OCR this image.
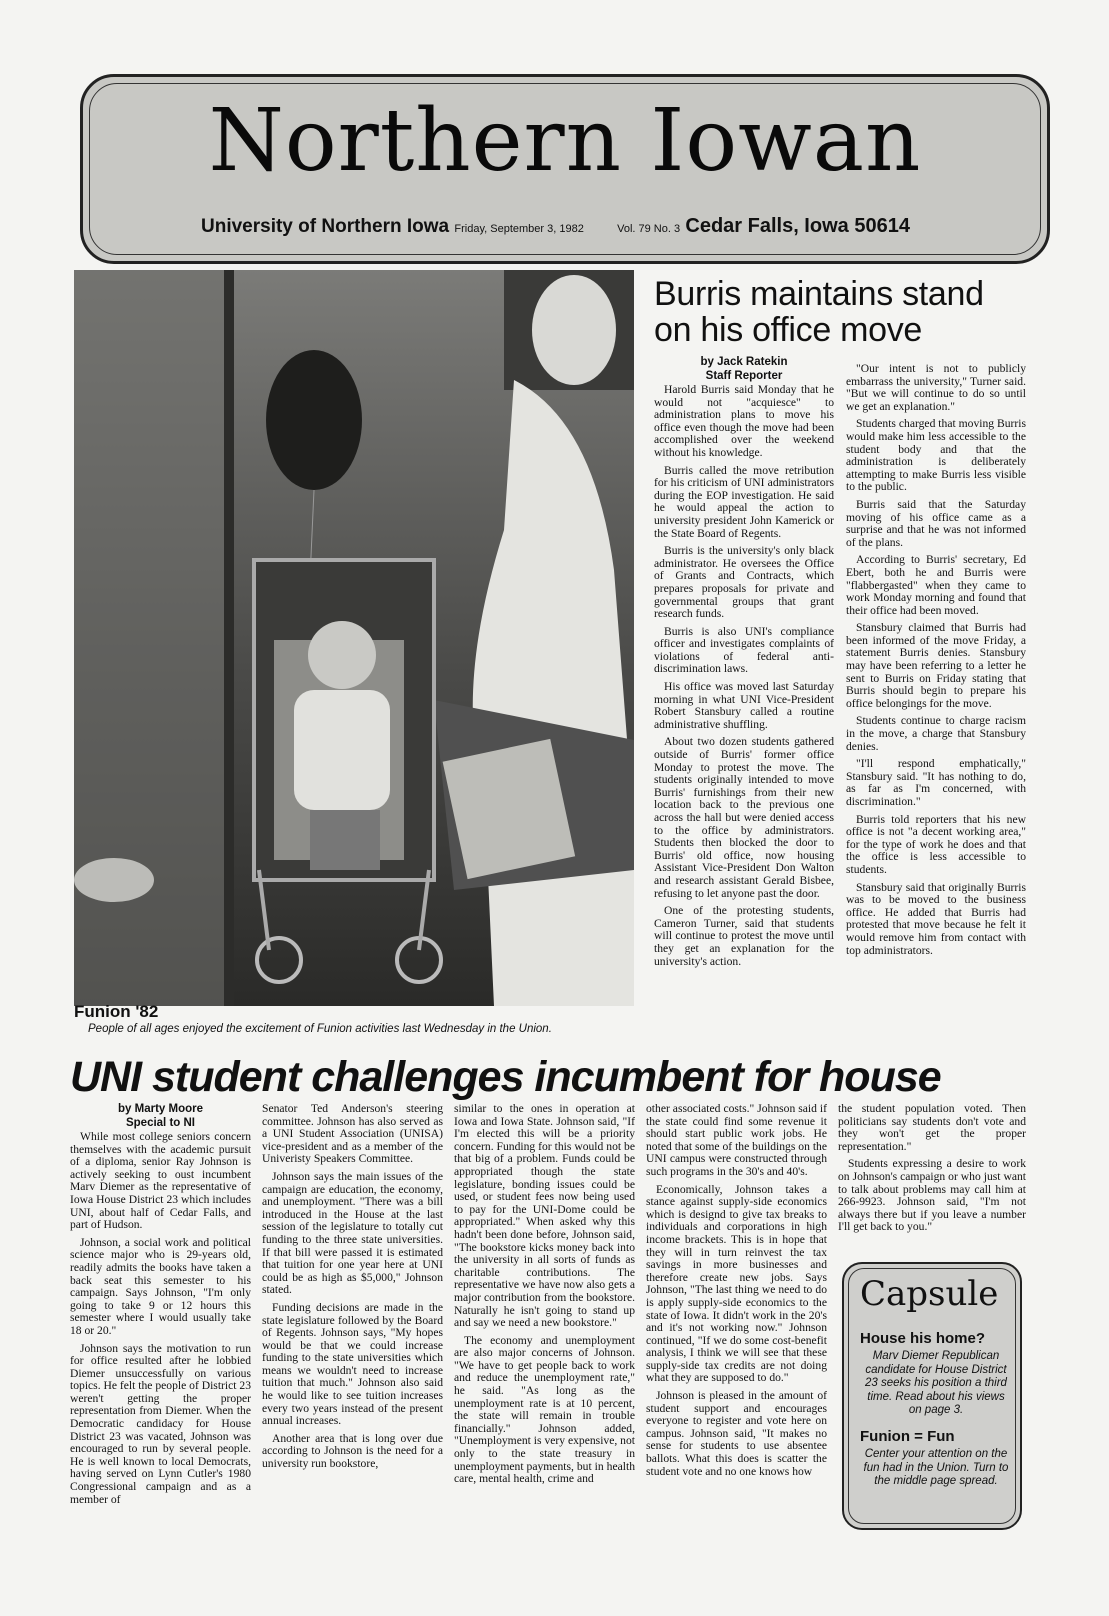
Northern Iowan
University of Northern Iowa Friday, September 3, 1982	Vol. 79 No. 3 Cedar Falls, Iowa 50614
Funion '82
People of all ages enjoyed the excitement of Funion activities last Wednesday in the Union.
Burris maintains stand
on his office move
by Jack Ratekin
Staff Reporter

Harold Burris said Monday that he would not "acquiesce" to administration plans to move his office even though the move had been accomplished over the weekend without his knowledge.

Burris called the move retribution for his criticism of UNI administrators during the EOP investigation. He said he would appeal the action to university president John Kamerick or the State Board of Regents.

Burris is the university's only black administrator. He oversees the Office of Grants and Contracts, which prepares proposals for private and governmental groups that grant research funds.

Burris is also UNI's compliance officer and investigates complaints of violations of federal anti-discrimination laws.

His office was moved last Saturday morning in what UNI Vice-President Robert Stansbury called a routine administrative shuffling.

About two dozen students gathered outside of Burris' former office Monday to protest the move. The students originally intended to move Burris' furnishings from their new location back to the previous one across the hall but were denied access to the office by administrators. Students then blocked the door to Burris' old office, now housing Assistant Vice-President Don Walton and research assistant Gerald Bisbee, refusing to let anyone past the door.

One of the protesting students, Cameron Turner, said that students will continue to protest the move until they get an explanation for the university's action.

"Our intent is not to publicly embarrass the university," Turner said. "But we will continue to do so until we get an explanation."

Students charged that moving Burris would make him less accessible to the student body and that the administration is deliberately attempting to make Burris less visible to the public.

Burris said that the Saturday moving of his office came as a surprise and that he was not informed of the plans.

According to Burris' secretary, Ed Ebert, both he and Burris were "flabbergasted" when they came to work Monday morning and found that their office had been moved.

Stansbury claimed that Burris had been informed of the move Friday, a statement Burris denies. Stansbury may have been referring to a letter he sent to Burris on Friday stating that Burris should begin to prepare his office belongings for the move.

Students continue to charge racism in the move, a charge that Stansbury denies.

"I'll respond emphatically," Stansbury said. "It has nothing to do, as far as I'm concerned, with discrimination."

Burris told reporters that his new office is not "a decent working area," for the type of work he does and that the office is less accessible to students.

Stansbury said that originally Burris was to be moved to the business office. He added that Burris had protested that move because he felt it would remove him from contact with top administrators.

UNI student challenges incumbent for house
by Marty Moore
Special to NI

While most college seniors concern themselves with the academic pursuit of a diploma, senior Ray Johnson is actively seeking to oust incumbent Marv Diemer as the representative of Iowa House District 23 which includes UNI, about half of Cedar Falls, and part of Hudson.

Johnson, a social work and political science major who is 29-years old, readily admits the books have taken a back seat this semester to his campaign. Says Johnson, "I'm only going to take 9 or 12 hours this semester where I would usually take 18 or 20."

Johnson says the motivation to run for office resulted after he lobbied Diemer unsuccessfully on various topics. He felt the people of District 23 weren't getting the proper representation from Diemer. When the Democratic candidacy for House District 23 was vacated, Johnson was encouraged to run by several people. He is well known to local Democrats, having served on Lynn Cutler's 1980 Congressional campaign and as a member of

Senator Ted Anderson's steering committee. Johnson has also served as a UNI Student Association (UNISA) vice-president and as a member of the Univeristy Speakers Committee.

Johnson says the main issues of the campaign are education, the economy, and unemployment. "There was a bill introduced in the House at the last session of the legislature to totally cut funding to the three state universities. If that bill were passed it is estimated that tuition for one year here at UNI could be as high as $5,000," Johnson stated.

Funding decisions are made in the state legislature followed by the Board of Regents. Johnson says, "My hopes would be that we could increase funding to the state universities which means we wouldn't need to increase tuition that much." Johnson also said he would like to see tuition increases every two years instead of the present annual increases.

Another area that is long over due according to Johnson is the need for a university run bookstore,

similar to the ones in operation at Iowa and Iowa State. Johnson said, "If I'm elected this will be a priority concern. Funding for this would not be that big of a problem. Funds could be appropriated though the state legislature, bonding issues could be used, or student fees now being used to pay for the UNI-Dome could be appropriated." When asked why this hadn't been done before, Johnson said, "The bookstore kicks money back into the university in all sorts of funds as charitable contributions. The representative we have now also gets a major contribution from the bookstore. Naturally he isn't going to stand up and say we need a new bookstore."

The economy and unemployment are also major concerns of Johnson. "We have to get people back to work and reduce the unemployment rate," he said. "As long as the unemployment rate is at 10 percent, the state will remain in trouble financially." Johnson added, "Unemployment is very expensive, not only to the state treasury in unemployment payments, but in health care, mental health, crime and

other associated costs." Johnson said if the state could find some revenue it should start public work jobs. He noted that some of the buildings on the UNI campus were constructed through such programs in the 30's and 40's.

Economically, Johnson takes a stance against supply-side economics which is designd to give tax breaks to individuals and corporations in high income brackets. This is in hope that they will in turn reinvest the tax savings in more businesses and therefore create new jobs. Says Johnson, "The last thing we need to do is apply supply-side economics to the state of Iowa. It didn't work in the 20's and it's not working now." Johnson continued, "If we do some cost-benefit analysis, I think we will see that these supply-side tax credits are not doing what they are supposed to do."

Johnson is pleased in the amount of student support and encourages everyone to register and vote here on campus. Johnson said, "It makes no sense for students to use absentee ballots. What this does is scatter the student vote and no one knows how

the student population voted. Then politicians say students don't vote and they won't get the proper representation."

Students expressing a desire to work on Johnson's campaign or who just want to talk about problems may call him at 266-9923. Johnson said, "I'm not always there but if you leave a number I'll get back to you."

Capsule
House his home?
Marv Diemer Republican candidate for House District 23 seeks his position a third time. Read about his views on page 3.
Funion = Fun
Center your attention on the fun had in the Union. Turn to the middle page spread.
